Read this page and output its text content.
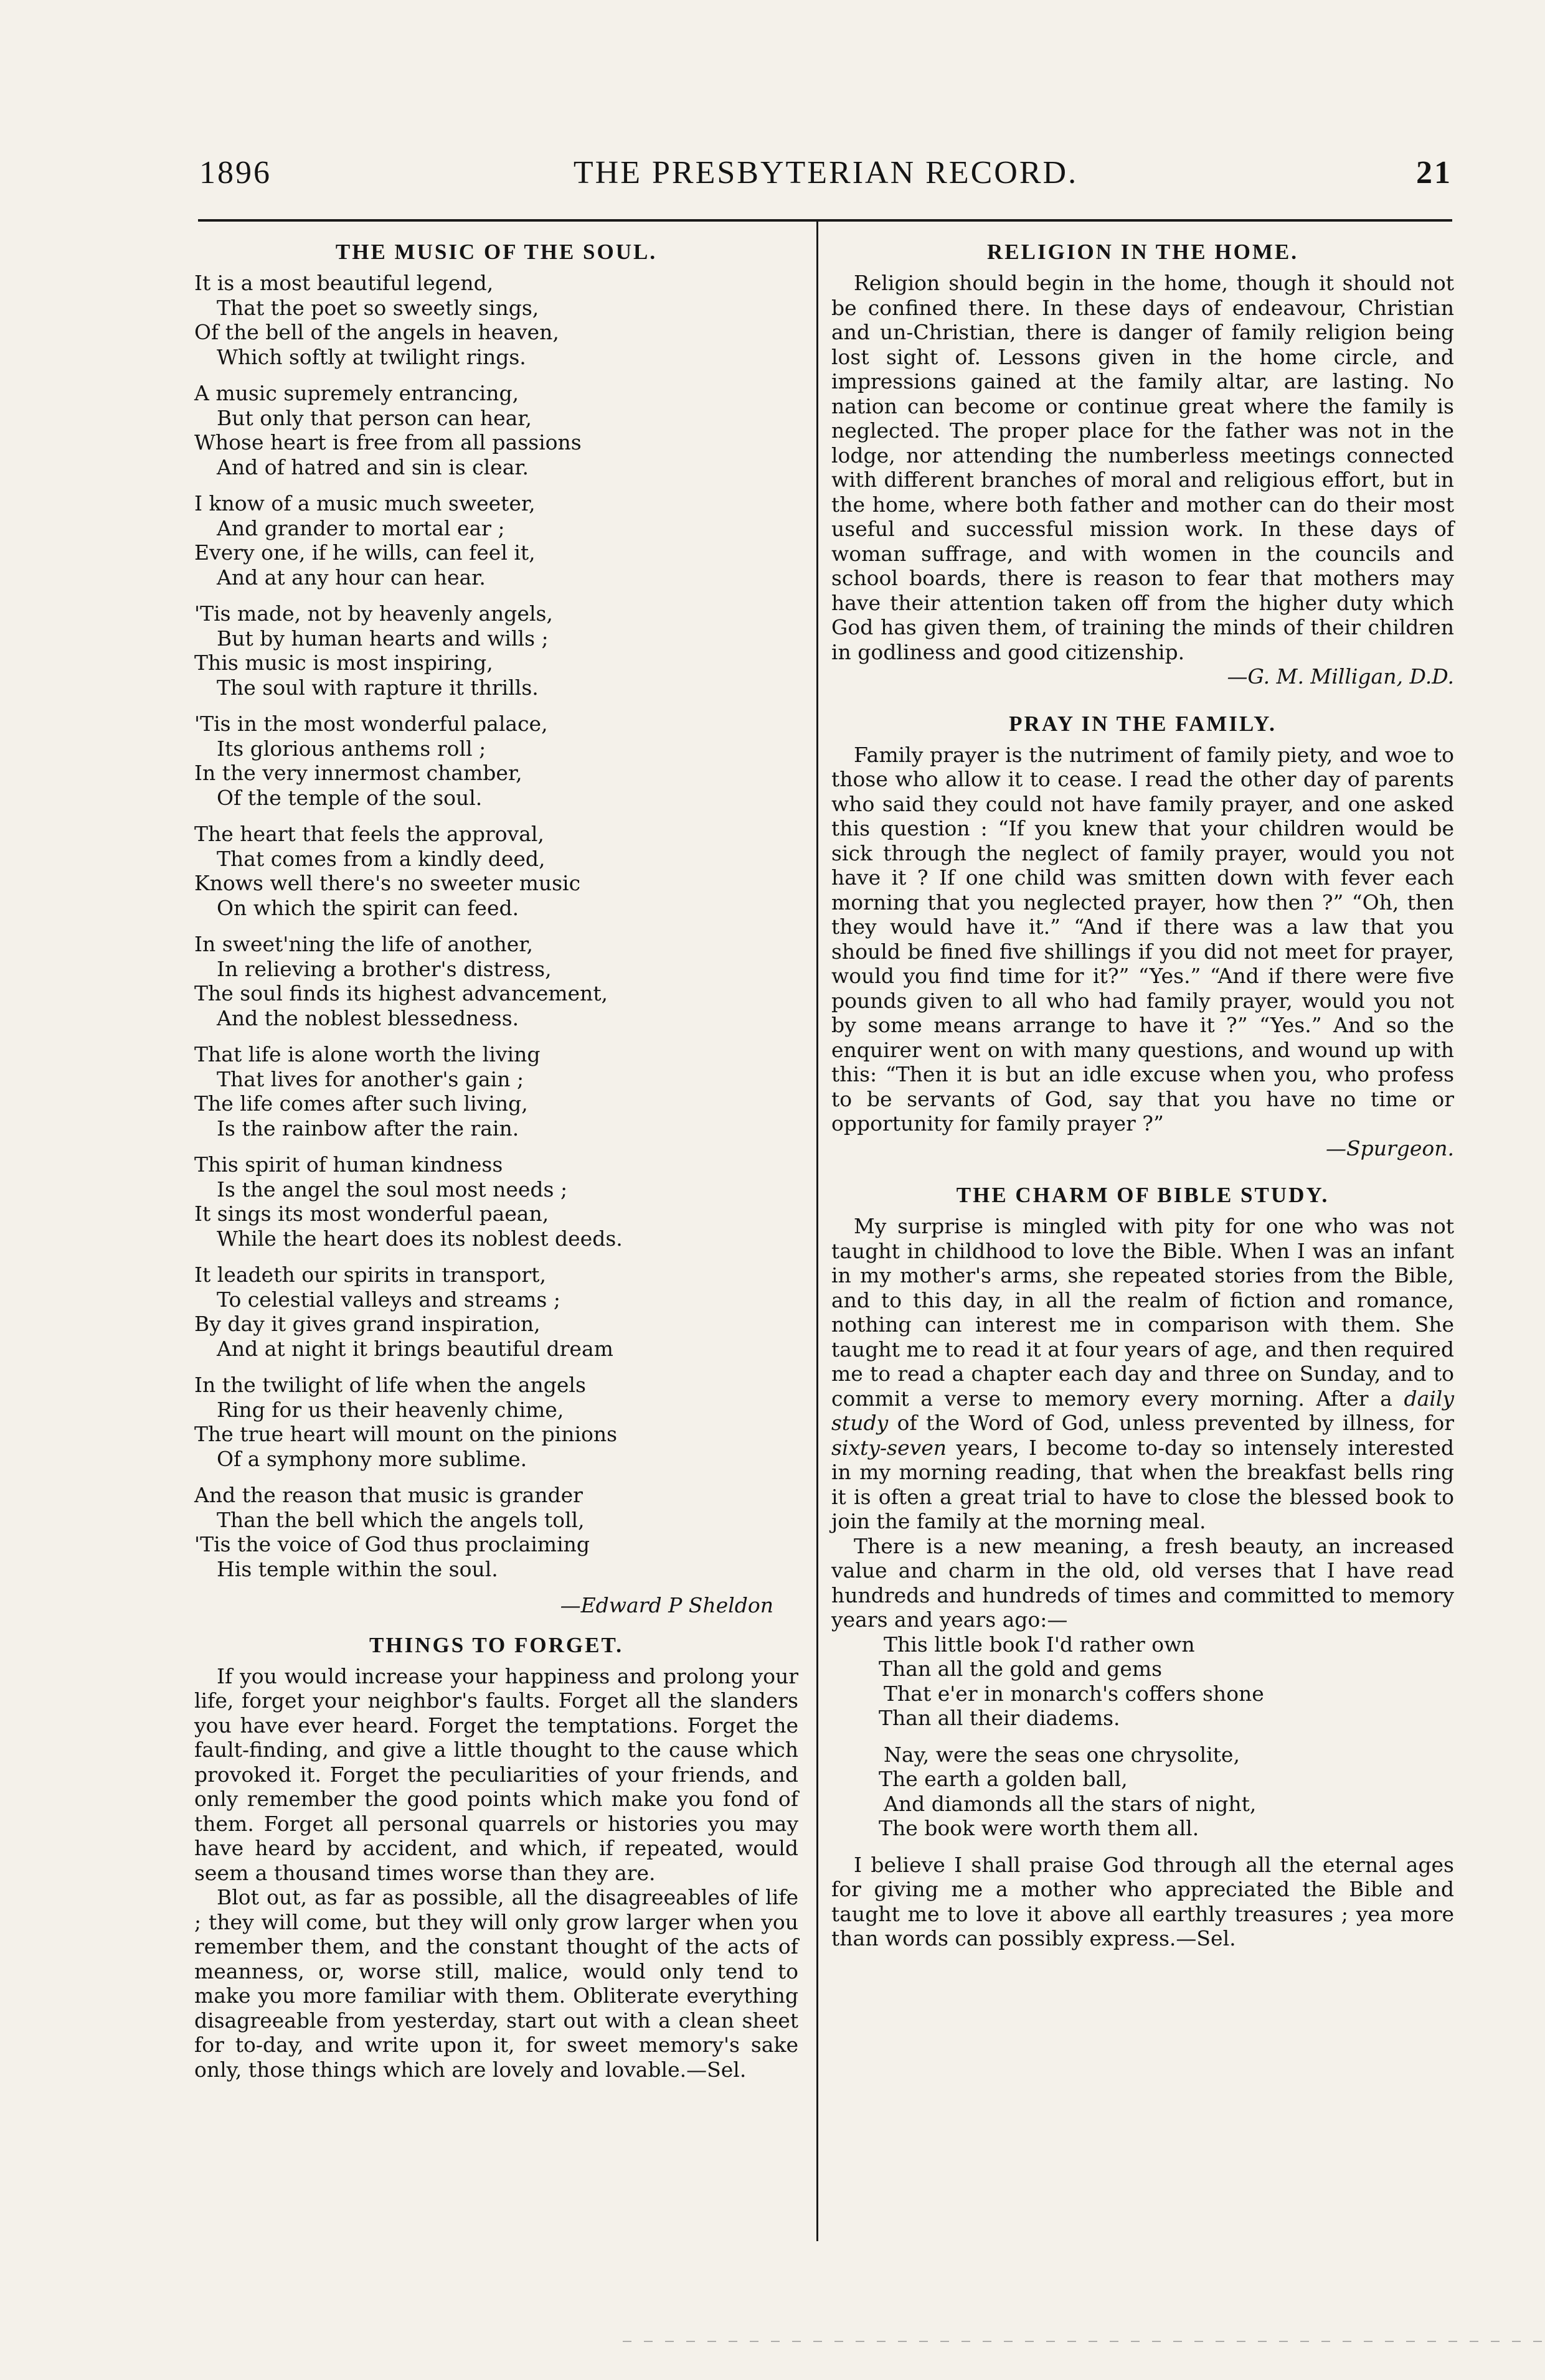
1896	THE PRESBYTERIAN RECORD.	21
THE MUSIC OF THE SOUL.
It is a most beautiful legend,
That the poet so sweetly sings,
Of the bell of the angels in heaven,
Which softly at twilight rings.
A music supremely entrancing,
But only that person can hear,
Whose heart is free from all passions
And of hatred and sin is clear.
I know of a music much sweeter,
And grander to mortal ear ;
Every one, if he wills, can feel it,
And at any hour can hear.
'Tis made, not by heavenly angels,
But by human hearts and wills ;
This music is most inspiring,
The soul with rapture it thrills.
'Tis in the most wonderful palace,
Its glorious anthems roll ;
In the very innermost chamber,
Of the temple of the soul.
The heart that feels the approval,
That comes from a kindly deed,
Knows well there's no sweeter music
On which the spirit can feed.
In sweet'ning the life of another,
In relieving a brother's distress,
The soul finds its highest advancement,
And the noblest blessedness.
That life is alone worth the living
That lives for another's gain ;
The life comes after such living,
Is the rainbow after the rain.
This spirit of human kindness
Is the angel the soul most needs ;
It sings its most wonderful paean,
While the heart does its noblest deeds.
It leadeth our spirits in transport,
To celestial valleys and streams ;
By day it gives grand inspiration,
And at night it brings beautiful dream
In the twilight of life when the angels
Ring for us their heavenly chime,
The true heart will mount on the pinions
Of a symphony more sublime.
And the reason that music is grander
Than the bell which the angels toll,
'Tis the voice of God thus proclaiming
His temple within the soul.
—Edward P Sheldon
THINGS TO FORGET.

If you would increase your happiness and prolong your life, forget your neighbor's faults. Forget all the slanders you have ever heard. Forget the temptations. Forget the fault-finding, and give a little thought to the cause which provoked it. Forget the peculiarities of your friends, and only remember the good points which make you fond of them. Forget all personal quarrels or histories you may have heard by accident, and which, if repeated, would seem a thousand times worse than they are.

Blot out, as far as possible, all the disagreeables of life ; they will come, but they will only grow larger when you remember them, and the constant thought of the acts of meanness, or, worse still, malice, would only tend to make you more familiar with them. Obliterate everything disagreeable from yesterday, start out with a clean sheet for to-day, and write upon it, for sweet memory's sake only, those things which are lovely and lovable.—Sel.

RELIGION IN THE HOME.

Religion should begin in the home, though it should not be confined there. In these days of endeavour, Christian and un-Christian, there is danger of family religion being lost sight of. Lessons given in the home circle, and impressions gained at the family altar, are lasting. No nation can become or continue great where the family is neglected. The proper place for the father was not in the lodge, nor attending the numberless meetings connected with different branches of moral and religious effort, but in the home, where both father and mother can do their most useful and successful mission work. In these days of woman suffrage, and with women in the councils and school boards, there is reason to fear that mothers may have their attention taken off from the higher duty which God has given them, of training the minds of their children in godliness and good citizenship.

—G. M. Milligan, D.D.
PRAY IN THE FAMILY.

Family prayer is the nutriment of family piety, and woe to those who allow it to cease. I read the other day of parents who said they could not have family prayer, and one asked this question : “If you knew that your children would be sick through the neglect of family prayer, would you not have it ? If one child was smitten down with fever each morning that you neglected prayer, how then ?” “Oh, then they would have it.” “And if there was a law that you should be fined five shillings if you did not meet for prayer, would you find time for it?” “Yes.” “And if there were five pounds given to all who had family prayer, would you not by some means arrange to have it ?” “Yes.” And so the enquirer went on with many questions, and wound up with this: “Then it is but an idle excuse when you, who profess to be servants of God, say that you have no time or opportunity for family prayer ?”

—Spurgeon.
THE CHARM OF BIBLE STUDY.

My surprise is mingled with pity for one who was not taught in childhood to love the Bible. When I was an infant in my mother's arms, she repeated stories from the Bible, and to this day, in all the realm of fiction and romance, nothing can interest me in comparison with them. She taught me to read it at four years of age, and then required me to read a chapter each day and three on Sunday, and to commit a verse to memory every morning. After a daily study of the Word of God, unless prevented by illness, for sixty-seven years, I become to-day so intensely interested in my morning reading, that when the breakfast bells ring it is often a great trial to have to close the blessed book to join the family at the morning meal.

There is a new meaning, a fresh beauty, an increased value and charm in the old, old verses that I have read hundreds and hundreds of times and committed to memory years and years ago:—

This little book I'd rather own
Than all the gold and gems
That e'er in monarch's coffers shone
Than all their diadems.
Nay, were the seas one chrysolite,
The earth a golden ball,
And diamonds all the stars of night,
The book were worth them all.

I believe I shall praise God through all the eternal ages for giving me a mother who appreciated the Bible and taught me to love it above all earthly treasures ; yea more than words can possibly express.—Sel.
